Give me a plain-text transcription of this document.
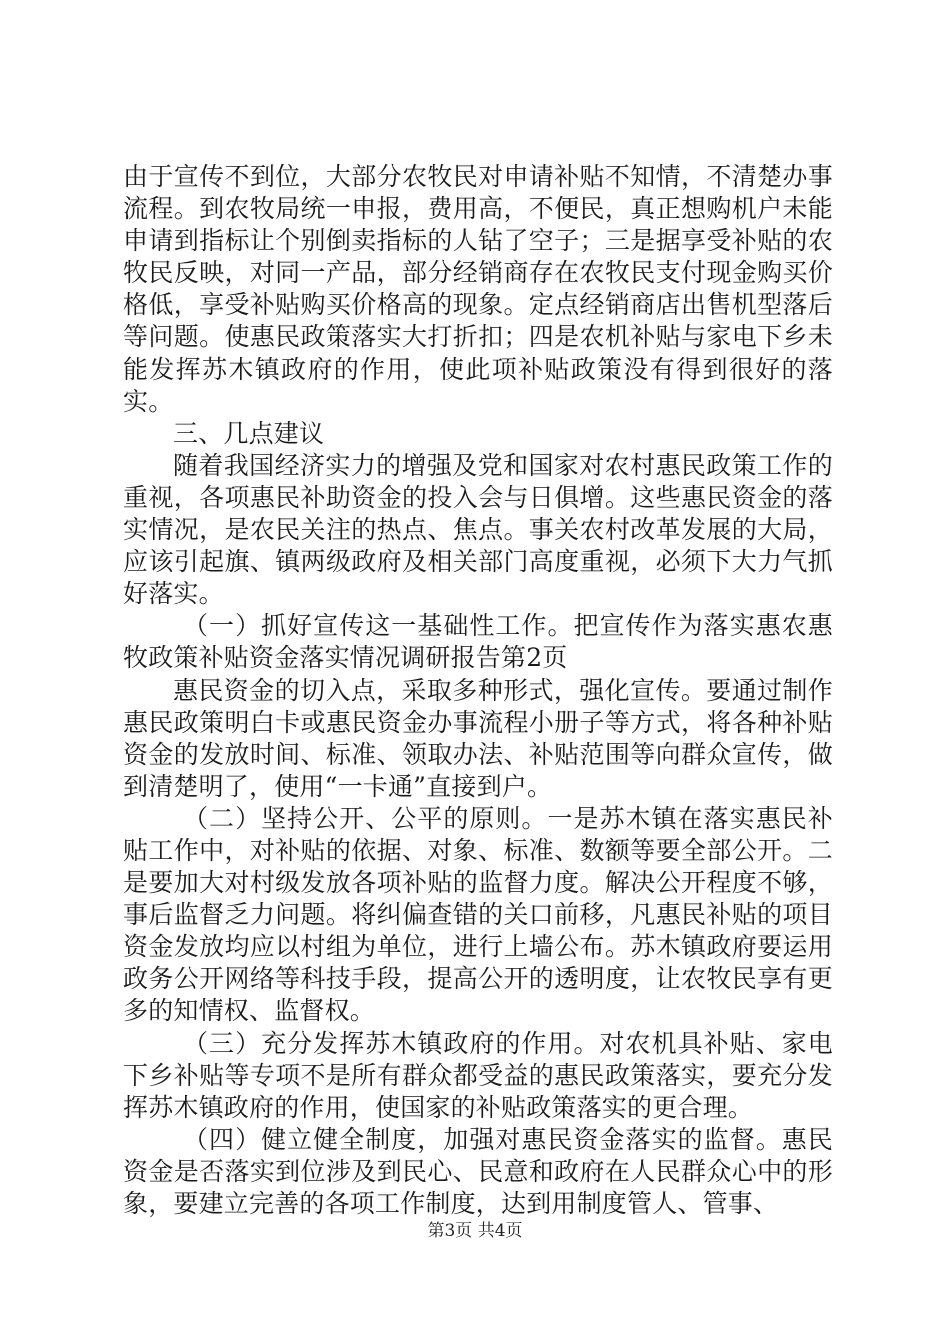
由于宣传不到位，大部分农牧民对申请补贴不知情，不清楚办事流程。到农牧局统一申报，费用高，不便民，真正想购机户未能申请到指标让个别倒卖指标的人钻了空子；三是据享受补贴的农牧民反映，对同一产品，部分经销商存在农牧民支付现金购买价格低，享受补贴购买价格高的现象。定点经销商店出售机型落后等问题。使惠民政策落实大打折扣；四是农机补贴与家电下乡未能发挥苏木镇政府的作用，使此项补贴政策没有得到很好的落实。

三、几点建议

随着我国经济实力的增强及党和国家对农村惠民政策工作的重视，各项惠民补助资金的投入会与日俱增。这些惠民资金的落实情况，是农民关注的热点、焦点。事关农村改革发展的大局，应该引起旗、镇两级政府及相关部门高度重视，必须下大力气抓好落实。

（一）抓好宣传这一基础性工作。把宣传作为落实惠农惠牧政策补贴资金落实情况调研报告第2页

惠民资金的切入点，采取多种形式，强化宣传。要通过制作惠民政策明白卡或惠民资金办事流程小册子等方式，将各种补贴资金的发放时间、标准、领取办法、补贴范围等向群众宣传，做到清楚明了，使用“一卡通”直接到户。

（二）坚持公开、公平的原则。一是苏木镇在落实惠民补贴工作中，对补贴的依据、对象、标准、数额等要全部公开。二是要加大对村级发放各项补贴的监督力度。解决公开程度不够，事后监督乏力问题。将纠偏查错的关口前移，凡惠民补贴的项目资金发放均应以村组为单位，进行上墙公布。苏木镇政府要运用政务公开网络等科技手段，提高公开的透明度，让农牧民享有更多的知情权、监督权。

（三）充分发挥苏木镇政府的作用。对农机具补贴、家电下乡补贴等专项不是所有群众都受益的惠民政策落实，要充分发挥苏木镇政府的作用，使国家的补贴政策落实的更合理。

（四）健立健全制度，加强对惠民资金落实的监督。惠民资金是否落实到位涉及到民心、民意和政府在人民群众心中的形象，要建立完善的各项工作制度，达到用制度管人、管事、

第3页 共4页
